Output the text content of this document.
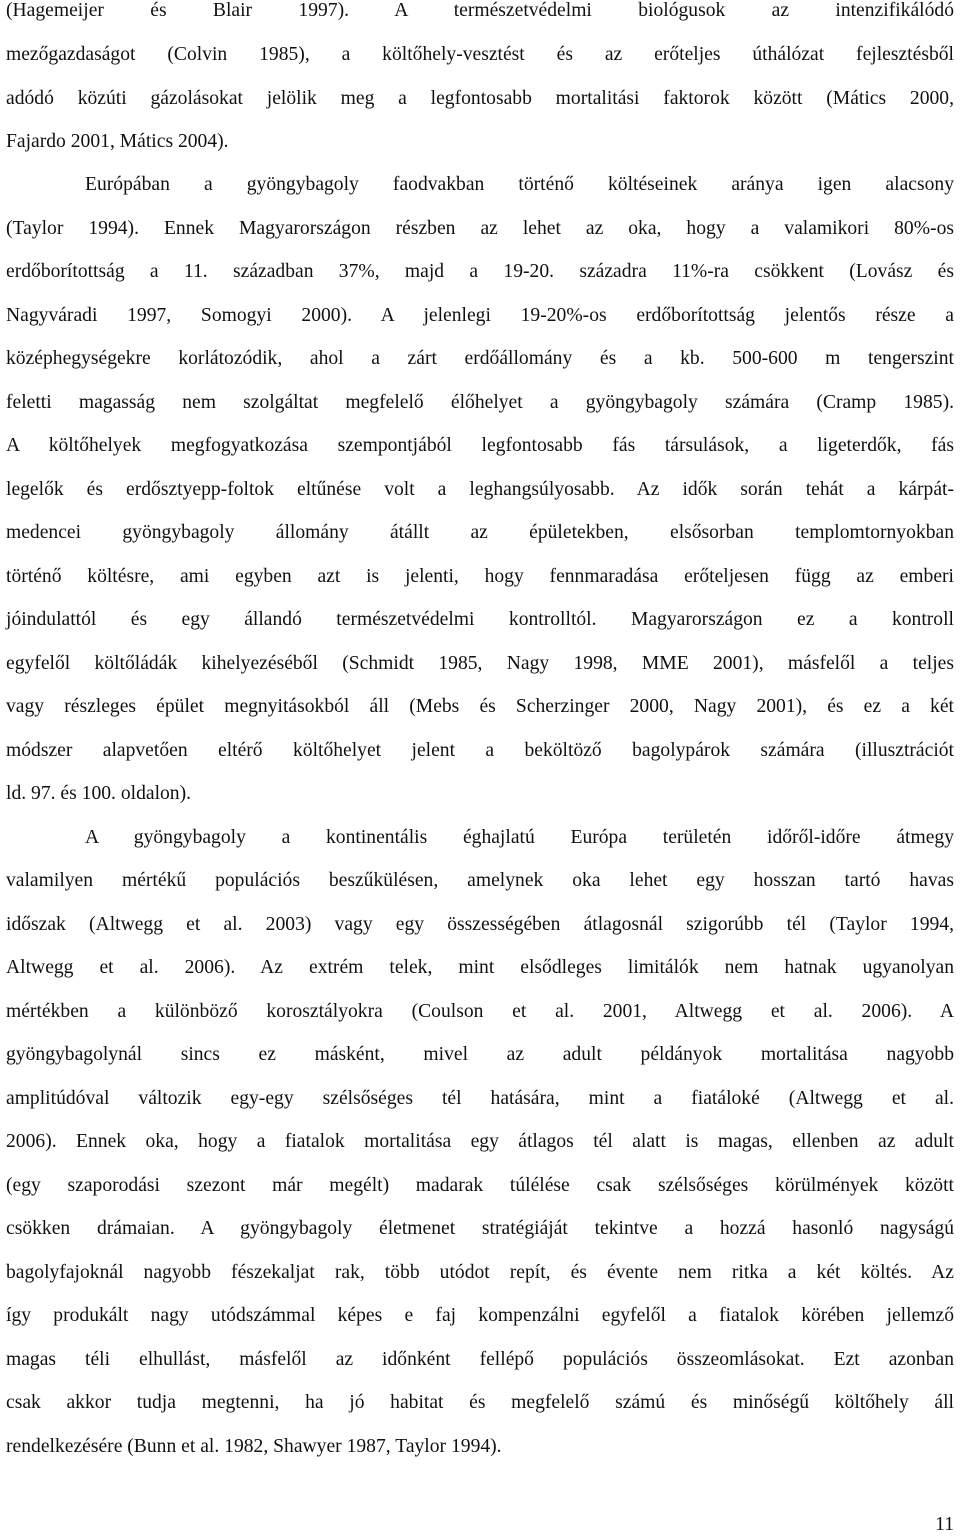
(Hagemeijer és Blair 1997). A természetvédelmi biológusok az intenzifikálódó
mezőgazdaságot (Colvin 1985), a költőhely-vesztést és az erőteljes úthálózat fejlesztésből
adódó közúti gázolásokat jelölik meg a legfontosabb mortalitási faktorok között (Mátics 2000,
Fajardo 2001, Mátics 2004).
Európában a gyöngybagoly faodvakban történő költéseinek aránya igen alacsony
(Taylor 1994). Ennek Magyarországon részben az lehet az oka, hogy a valamikori 80%-os
erdőborítottság a 11. században 37%, majd a 19-20. századra 11%-ra csökkent (Lovász és
Nagyváradi 1997, Somogyi 2000). A jelenlegi 19-20%-os erdőborítottság jelentős része a
középhegységekre korlátozódik, ahol a zárt erdőállomány és a kb. 500-600 m tengerszint
feletti magasság nem szolgáltat megfelelő élőhelyet a gyöngybagoly számára (Cramp 1985).
A költőhelyek megfogyatkozása szempontjából legfontosabb fás társulások, a ligeterdők, fás
legelők és erdősztyepp-foltok eltűnése volt a leghangsúlyosabb. Az idők során tehát a kárpát-
medencei gyöngybagoly állomány átállt az épületekben, elsősorban templomtornyokban
történő költésre, ami egyben azt is jelenti, hogy fennmaradása erőteljesen függ az emberi
jóindulattól és egy állandó természetvédelmi kontrolltól. Magyarországon ez a kontroll
egyfelől költőládák kihelyezéséből (Schmidt 1985, Nagy 1998, MME 2001), másfelől a teljes
vagy részleges épület megnyitásokból áll (Mebs és Scherzinger 2000, Nagy 2001), és ez a két
módszer alapvetően eltérő költőhelyet jelent a beköltöző bagolypárok számára (illusztrációt
ld. 97. és 100. oldalon).
A gyöngybagoly a kontinentális éghajlatú Európa területén időről-időre átmegy
valamilyen mértékű populációs beszűkülésen, amelynek oka lehet egy hosszan tartó havas
időszak (Altwegg et al. 2003) vagy egy összességében átlagosnál szigorúbb tél (Taylor 1994,
Altwegg et al. 2006). Az extrém telek, mint elsődleges limitálók nem hatnak ugyanolyan
mértékben a különböző korosztályokra (Coulson et al. 2001, Altwegg et al. 2006). A
gyöngybagolynál sincs ez másként, mivel az adult példányok mortalitása nagyobb
amplitúdóval változik egy-egy szélsőséges tél hatására, mint a fiatáloké (Altwegg et al.
2006). Ennek oka, hogy a fiatalok mortalitása egy átlagos tél alatt is magas, ellenben az adult
(egy szaporodási szezont már megélt) madarak túlélése csak szélsőséges körülmények között
csökken drámaian. A gyöngybagoly életmenet stratégiáját tekintve a hozzá hasonló nagyságú
bagolyfajoknál nagyobb fészekaljat rak, több utódot repít, és évente nem ritka a két költés. Az
így produkált nagy utódszámmal képes e faj kompenzálni egyfelől a fiatalok körében jellemző
magas téli elhullást, másfelől az időnként fellépő populációs összeomlásokat. Ezt azonban
csak akkor tudja megtenni, ha jó habitat és megfelelő számú és minőségű költőhely áll
rendelkezésére (Bunn et al. 1982, Shawyer 1987, Taylor 1994).
11
